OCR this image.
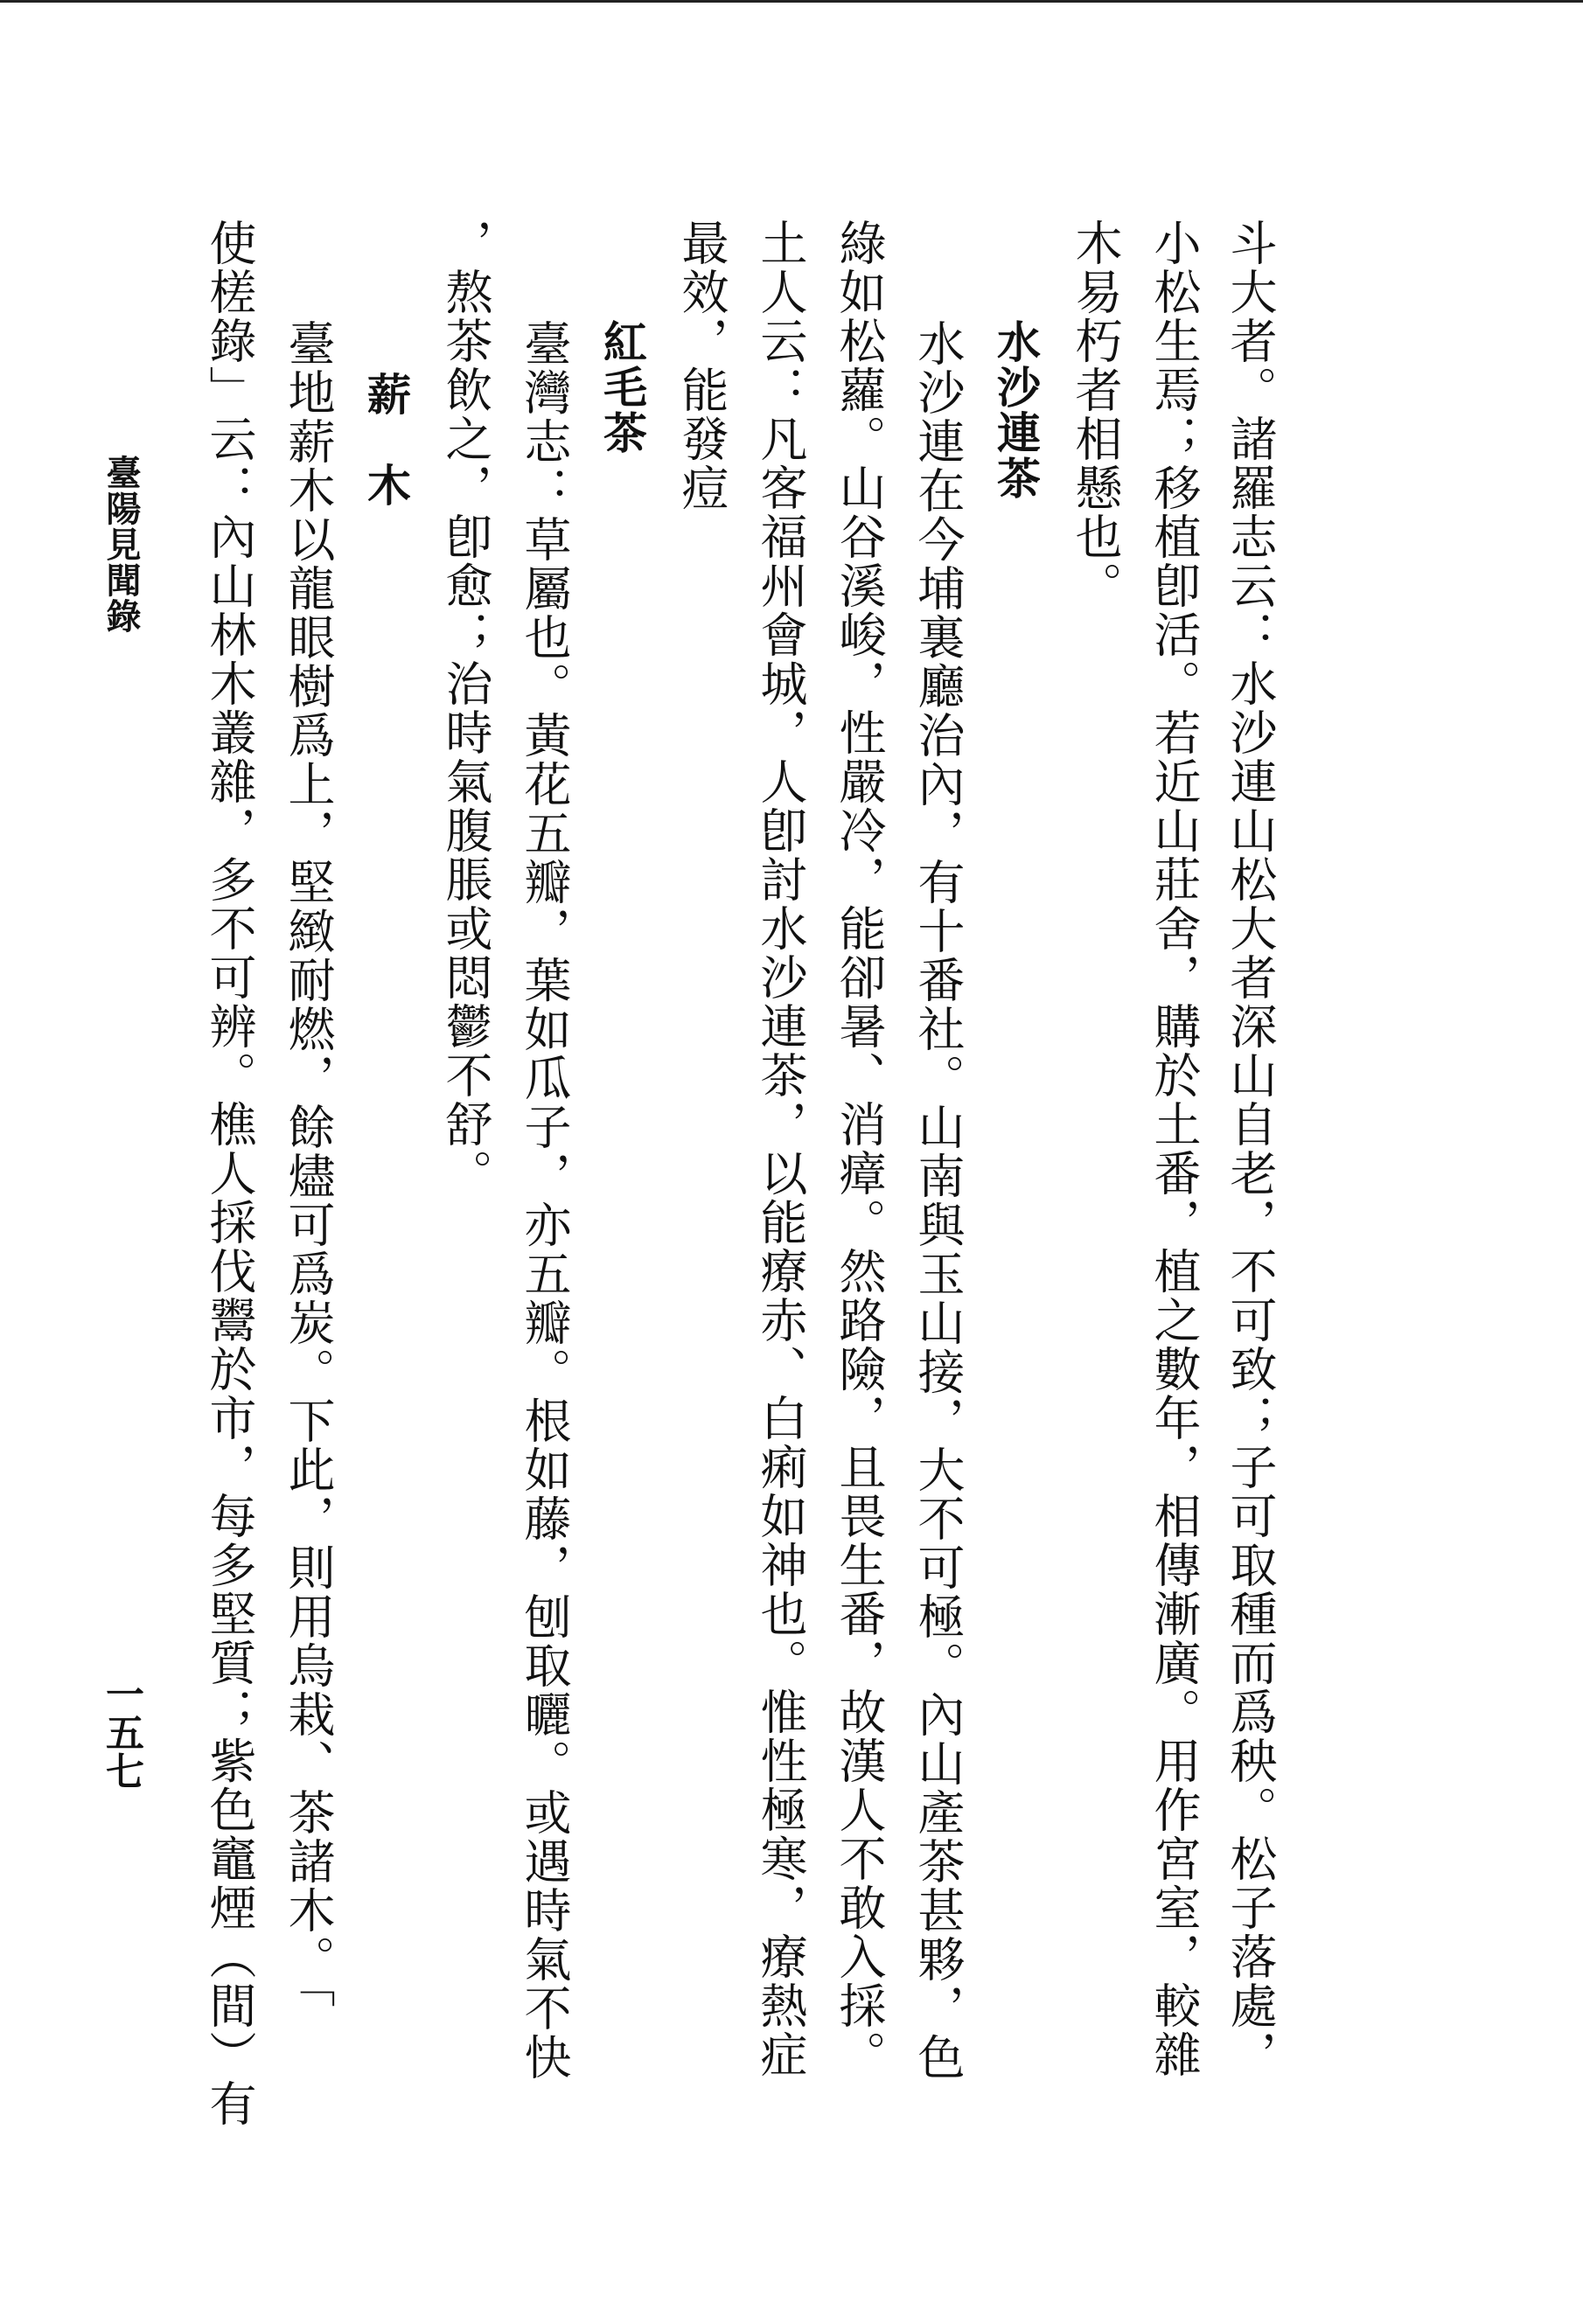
斗大者。諸羅志云：水沙連山松大者深山自老，不可致；子可取種而爲秧。松子落處，
小松生焉；移植卽活。若近山莊舍，購於土番，植之數年，相傳漸廣。用作宮室，較雜
木易朽者相懸也。
水沙連茶
水沙連在今埔裏廳治內，有十番社。山南與玉山接，大不可極。內山產茶甚夥，色
綠如松蘿。山谷溪峻，性嚴冷，能卻暑、消瘴。然路險，且畏生番，故漢人不敢入採。
土人云：凡客福州會城，人卽討水沙連茶，以能療赤、白痢如神也。惟性極寒，療熱症
最效，能發痘
紅毛茶
臺灣志：草屬也。黃花五瓣，葉如瓜子，亦五瓣。根如藤，刨取曬。或遇時氣不快
，熬茶飲之，卽愈；治時氣腹脹或悶鬱不舒。
薪　木
臺地薪木以龍眼樹爲上，堅緻耐燃，餘燼可爲炭。下此，則用烏栽、茶諸木。「
使槎錄」云：內山林木叢雜，多不可辨。樵人採伐鬻於市，每多堅質；紫色竈煙（間）有
臺陽見聞錄
一五七
